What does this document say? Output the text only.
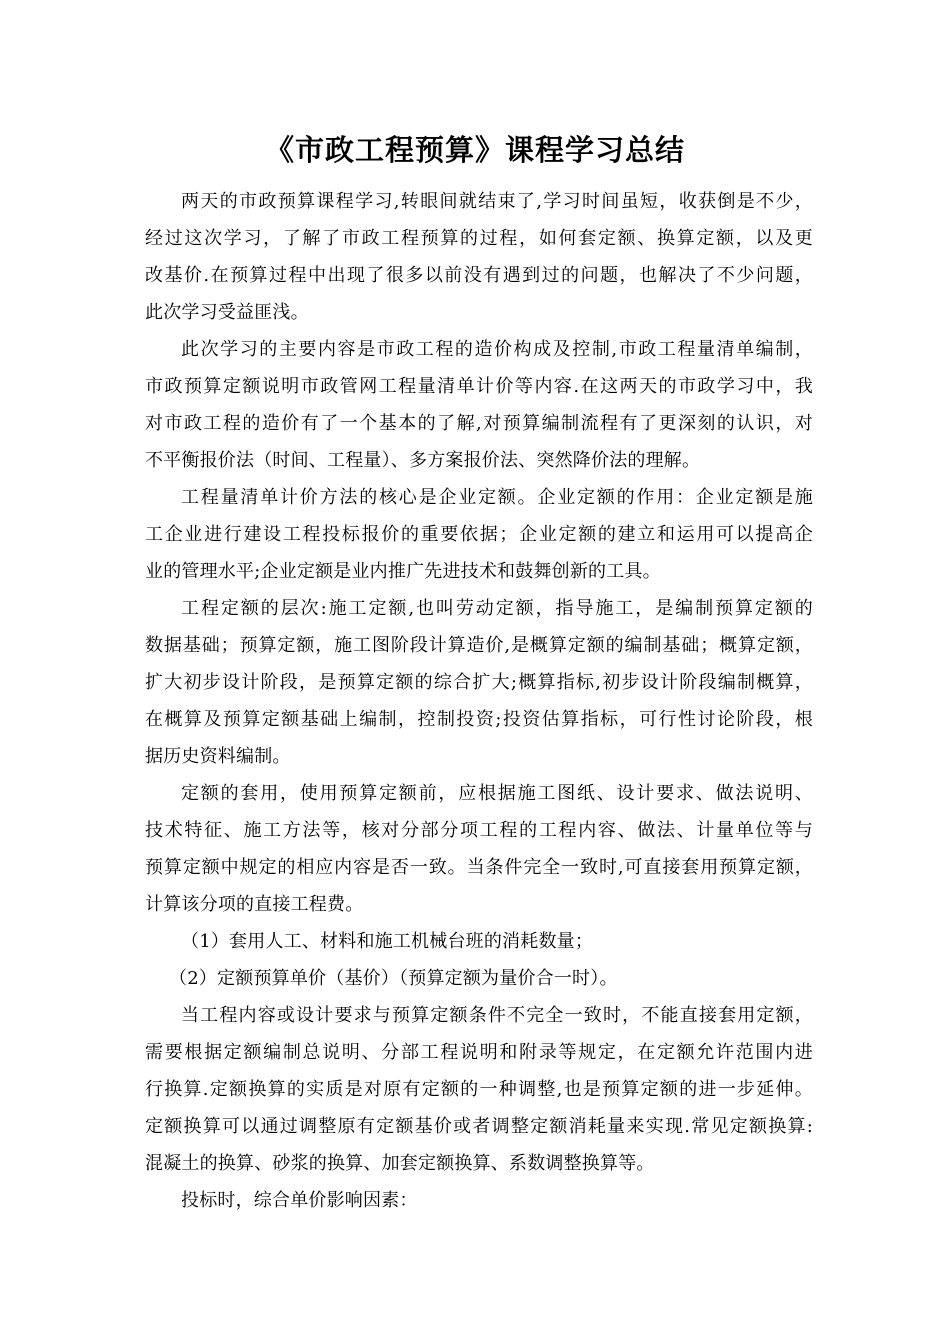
《市政工程预算》课程学习总结
两天的市政预算课程学习,转眼间就结束了,学习时间虽短，收获倒是不少，
经过这次学习，了解了市政工程预算的过程，如何套定额、换算定额，以及更
改基价.在预算过程中出现了很多以前没有遇到过的问题，也解决了不少问题，
此次学习受益匪浅。
此次学习的主要内容是市政工程的造价构成及控制,市政工程量清单编制，
市政预算定额说明市政管网工程量清单计价等内容.在这两天的市政学习中，我
对市政工程的造价有了一个基本的了解,对预算编制流程有了更深刻的认识，对
不平衡报价法（时间、工程量）、多方案报价法、突然降价法的理解。
工程量清单计价方法的核心是企业定额。企业定额的作用：企业定额是施
工企业进行建设工程投标报价的重要依据；企业定额的建立和运用可以提高企
业的管理水平;企业定额是业内推广先进技术和鼓舞创新的工具。
工程定额的层次:施工定额,也叫劳动定额，指导施工，是编制预算定额的
数据基础；预算定额，施工图阶段计算造价,是概算定额的编制基础；概算定额，
扩大初步设计阶段，是预算定额的综合扩大;概算指标,初步设计阶段编制概算，
在概算及预算定额基础上编制，控制投资;投资估算指标，可行性讨论阶段，根
据历史资料编制。
定额的套用，使用预算定额前，应根据施工图纸、设计要求、做法说明、
技术特征、施工方法等，核对分部分项工程的工程内容、做法、计量单位等与
预算定额中规定的相应内容是否一致。当条件完全一致时,可直接套用预算定额，
计算该分项的直接工程费。
（1）套用人工、材料和施工机械台班的消耗数量；
（2）定额预算单价（基价）（预算定额为量价合一时）。
当工程内容或设计要求与预算定额条件不完全一致时，不能直接套用定额，
需要根据定额编制总说明、分部工程说明和附录等规定，在定额允许范围内进
行换算.定额换算的实质是对原有定额的一种调整,也是预算定额的进一步延伸。
定额换算可以通过调整原有定额基价或者调整定额消耗量来实现.常见定额换算:
混凝土的换算、砂浆的换算、加套定额换算、系数调整换算等。
投标时，综合单价影响因素：
